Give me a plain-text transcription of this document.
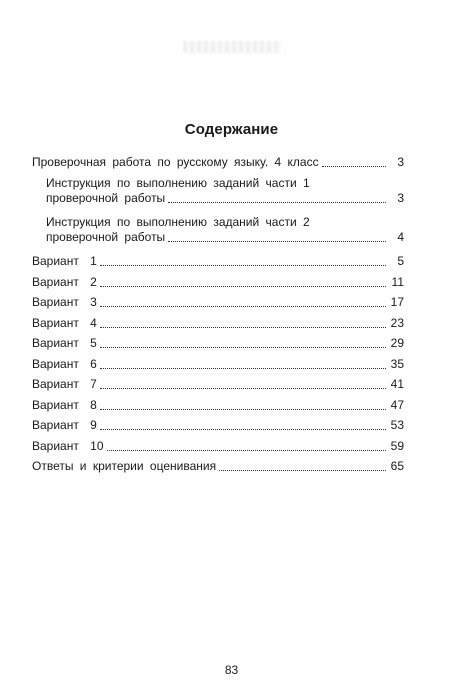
Содержание
Проверочная работа по русскому языку. 4 класс	3
Инструкция по выполнению заданий части 1
проверочной работы	3
Инструкция по выполнению заданий части 2
проверочной работы	4
Вариант 1	5
Вариант 2	11
Вариант 3	17
Вариант 4	23
Вариант 5	29
Вариант 6	35
Вариант 7	41
Вариант 8	47
Вариант 9	53
Вариант 10	59
Ответы и критерии оценивания	65
83
